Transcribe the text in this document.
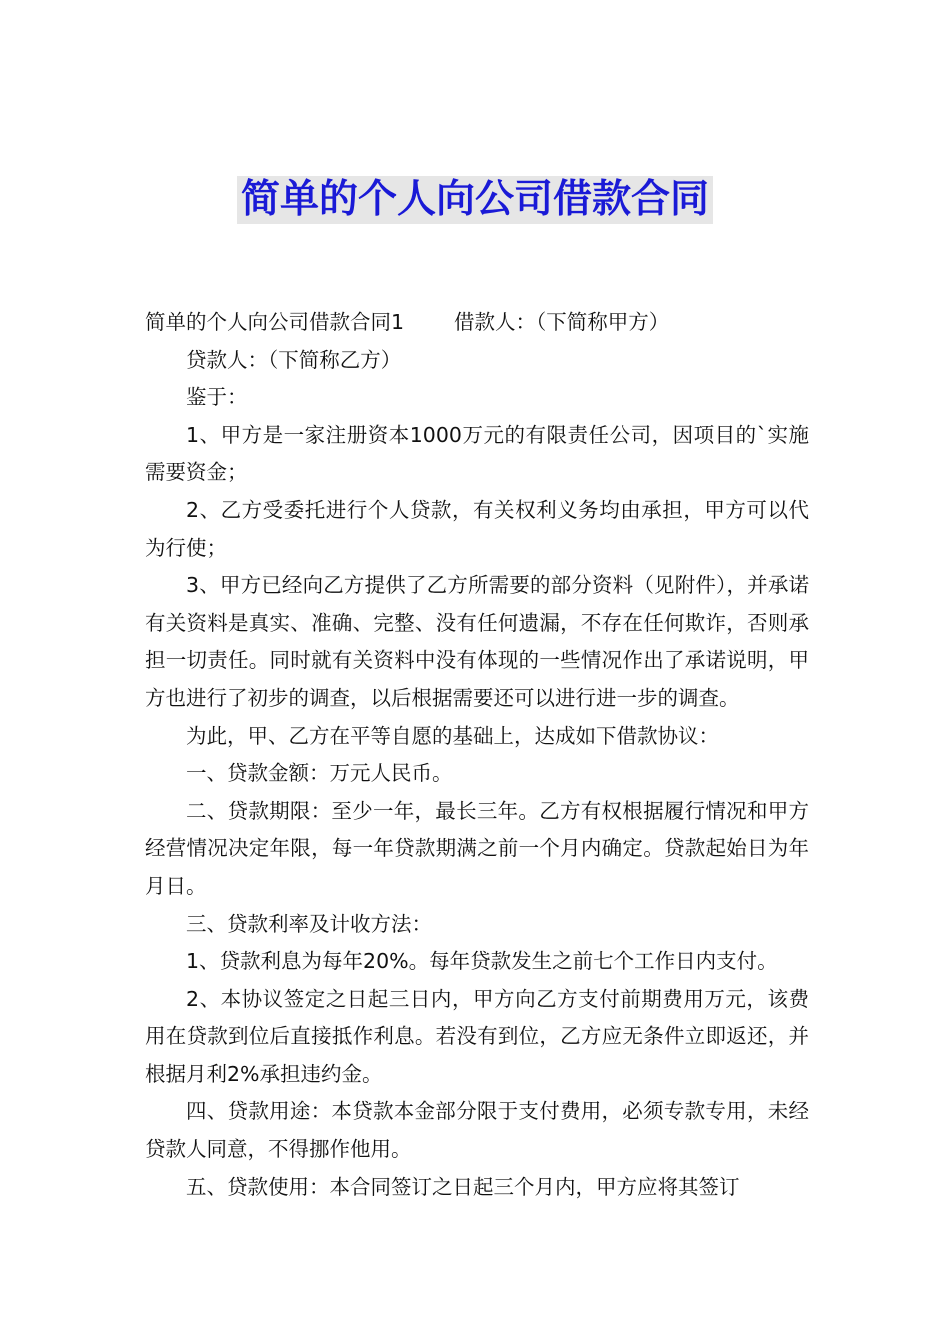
简单的个人向公司借款合同

简单的个人向公司借款合同1 借款人：（下简称甲方）

贷款人：（下简称乙方）

鉴于：

1、甲方是一家注册资本1000万元的有限责任公司，因项目的`实施需要资金；

2、乙方受委托进行个人贷款，有关权利义务均由承担，甲方可以代为行使；

3、甲方已经向乙方提供了乙方所需要的部分资料（见附件），并承诺有关资料是真实、准确、完整、没有任何遗漏，不存在任何欺诈，否则承担一切责任。同时就有关资料中没有体现的一些情况作出了承诺说明，甲方也进行了初步的调查，以后根据需要还可以进行进一步的调查。

为此，甲、乙方在平等自愿的基础上，达成如下借款协议：

一、贷款金额：万元人民币。

二、贷款期限：至少一年，最长三年。乙方有权根据履行情况和甲方经营情况决定年限，每一年贷款期满之前一个月内确定。贷款起始日为年月日。

三、贷款利率及计收方法：

1、贷款利息为每年20%。每年贷款发生之前七个工作日内支付。

2、本协议签定之日起三日内，甲方向乙方支付前期费用万元，该费用在贷款到位后直接抵作利息。若没有到位，乙方应无条件立即返还，并根据月利2%承担违约金。

四、贷款用途：本贷款本金部分限于支付费用，必须专款专用，未经贷款人同意，不得挪作他用。

五、贷款使用：本合同签订之日起三个月内，甲方应将其签订
